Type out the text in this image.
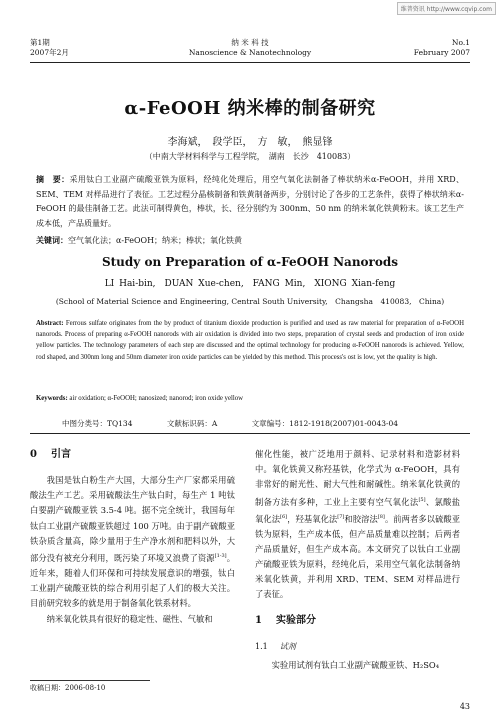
维普资讯 http://www.cqvip.com
第1期
2007年2月
纳 米 科 技
Nanoscience & Nanotechnology
No.1
February 2007
α-FeOOH 纳米棒的制备研究
李海斌，　段学臣，　方　敏，　熊显锋
（中南大学材料科学与工程学院，　湖南　长沙　410083）
摘　要：采用钛白工业副产硫酸亚铁为原料，经纯化处理后，用空气氧化法制备了棒状纳米α-FeOOH，并用 XRD、SEM、TEM 对样品进行了表征。工艺过程分晶核制备和铁黄制备两步，分别讨论了各步的工艺条件，获得了棒状纳米α-FeOOH 的最佳制备工艺。此法可制得黄色，棒状，长、径分别约为 300nm、50 nm 的纳米氧化铁黄粉末。该工艺生产成本低，产品质量好。
关键词：空气氧化法；α-FeOOH；纳米；棒状；氧化铁黄
Study on Preparation of α-FeOOH Nanorods
LI Hai-bin,　DUAN Xue-chen,　FANG Min,　XIONG Xian-feng
(School of Material Science and Engineering, Central South University,　Changsha　410083,　China)
Abstract: Ferrous sulfate originates from the by product of titanium dioxide production is purified and used as raw material for preparation of α-FeOOH nanorods. Process of preparing α-FeOOH nanorods with air oxidation is divided into two steps, preparation of crystal seeds and production of iron oxide yellow particles. The technology parameters of each step are discussed and the optimal technology for producing α-FeOOH nanorods is achieved. Yellow, rod shaped, and 300nm long and 50nm diameter iron oxide particles can be yielded by this method. This process's ost is low, yet the quality is high.
Keywords: air oxidation; α-FeOOH; nanosized; nanorod; iron oxide yellow
中图分类号：TQ134	文献标识码：A	文章编号：1812-1918(2007)01-0043-04
0 引言

我国是钛白粉生产大国，大部分生产厂家都采用硫酸法生产工艺。采用硫酸法生产钛白时，每生产 1 吨钛白要副产硫酸亚铁 3.5-4 吨。据不完全统计，我国每年钛白工业副产硫酸亚铁超过 100 万吨。由于副产硫酸亚铁杂质含量高，除少量用于生产净水剂和肥料以外，大部分没有被充分利用，既污染了环境又浪费了资源[1-3]。近年来，随着人们环保和可持续发展意识的增强，钛白工业副产硫酸亚铁的综合利用引起了人们的极大关注。目前研究较多的就是用于制备氧化铁系材料。

纳米氧化铁具有很好的稳定性、磁性、气敏和

催化性能，被广泛地用于颜料、记录材料和造影材料中。氧化铁黄又称羟基铁，化学式为 α-FeOOH，具有非常好的耐光性、耐大气性和耐碱性。纳米氧化铁黄的制备方法有多种，工业上主要有空气氧化法[5]、氯酸盐氧化法[6]，羟基氧化法[7]和胶溶法[8]。前两者多以硫酸亚铁为原料，生产成本低，但产品质量难以控制；后两者产品质量好，但生产成本高。本文研究了以钛白工业副产硫酸亚铁为原料，经纯化后，采用空气氧化法制备纳米氧化铁黄，并利用 XRD、TEM、SEM 对样品进行了表征。

1 实验部分
1.1 试剂

实验用试剂有钛白工业副产硫酸亚铁、H₂SO₄

收稿日期：2006-08-10
43
